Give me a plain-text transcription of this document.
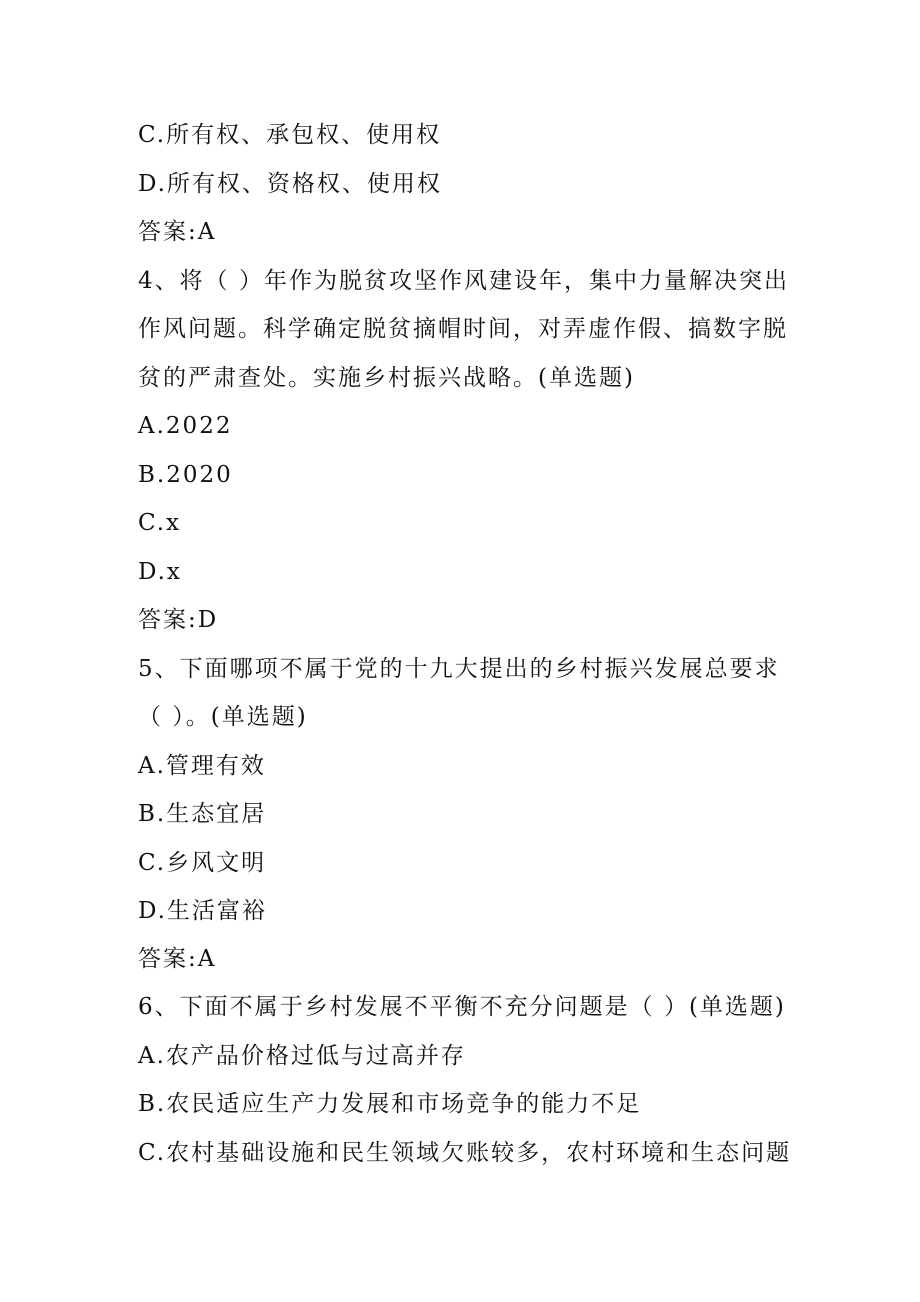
C.所有权、承包权、使用权
D.所有权、资格权、使用权
答案:A
4、将（ ）年作为脱贫攻坚作风建设年，集中力量解决突出
作风问题。科学确定脱贫摘帽时间，对弄虚作假、搞数字脱
贫的严肃查处。实施乡村振兴战略。(单选题)
A.2022
B.2020
C.x
D.x
答案:D
5、下面哪项不属于党的十九大提出的乡村振兴发展总要求
（ ）。(单选题)
A.管理有效
B.生态宜居
C.乡风文明
D.生活富裕
答案:A
6、下面不属于乡村发展不平衡不充分问题是（ ）(单选题)
A.农产品价格过低与过高并存
B.农民适应生产力发展和市场竞争的能力不足
C.农村基础设施和民生领域欠账较多，农村环境和生态问题
